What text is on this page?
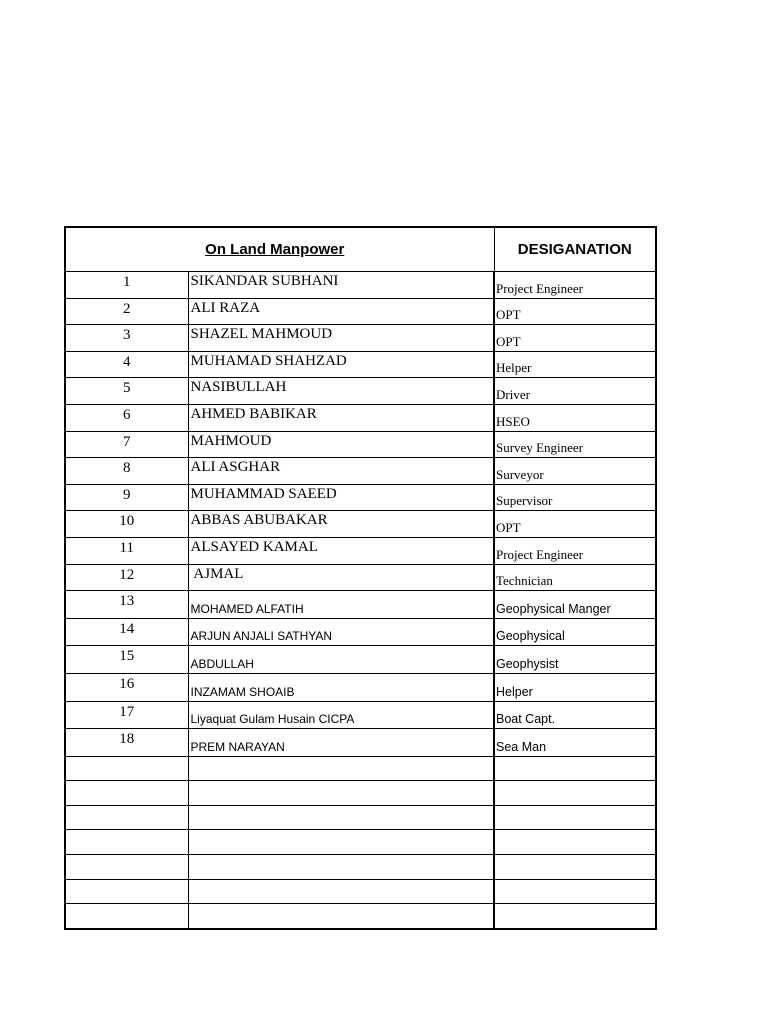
On Land Manpower		DESIGANATION
1	SIKANDAR SUBHANI	Project Engineer
2	ALI RAZA	OPT
3	SHAZEL MAHMOUD	OPT
4	MUHAMAD SHAHZAD	Helper
5	NASIBULLAH	Driver
6	AHMED BABIKAR	HSEO
7	MAHMOUD	Survey Engineer
8	ALI ASGHAR	Surveyor
9	MUHAMMAD SAEED	Supervisor
10	ABBAS ABUBAKAR	OPT
11	ALSAYED KAMAL	Project Engineer
12	AJMAL	Technician
13	MOHAMED ALFATIH	Geophysical Manger
14	ARJUN ANJALI SATHYAN	Geophysical
15	ABDULLAH	Geophysist
16	INZAMAM SHOAIB	Helper
17	Liyaquat Gulam Husain CICPA	Boat Capt.
18	PREM NARAYAN	Sea Man
